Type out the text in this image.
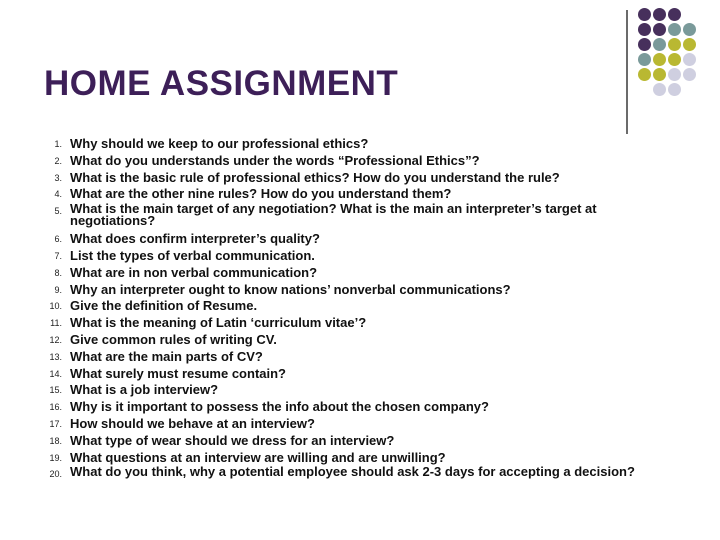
HOME ASSIGNMENT
1. Why should we keep to our professional ethics?
2. What do you understands under the words “Professional Ethics”?
3. What is the basic rule of professional ethics? How do you understand the rule?
4. What are the other nine rules? How do you understand them?
5. What is the main target of any negotiation? What is the main an interpreter’s target at negotiations?
6. What does confirm interpreter’s quality?
7. List the types of verbal communication.
8. What are in non verbal communication?
9. Why an interpreter ought to know nations’ nonverbal communications?
10. Give the definition of Resume.
11. What is the meaning of Latin ‘curriculum vitae’?
12. Give common rules of writing CV.
13. What are the main parts of CV?
14. What surely must resume contain?
15. What is a job interview?
16. Why is it important to possess the info about the chosen company?
17. How should we behave at an interview?
18. What type of wear should we dress for an interview?
19. What questions at an interview are willing and are unwilling?
20. What do you think, why a potential employee should ask 2-3 days for accepting a decision?
